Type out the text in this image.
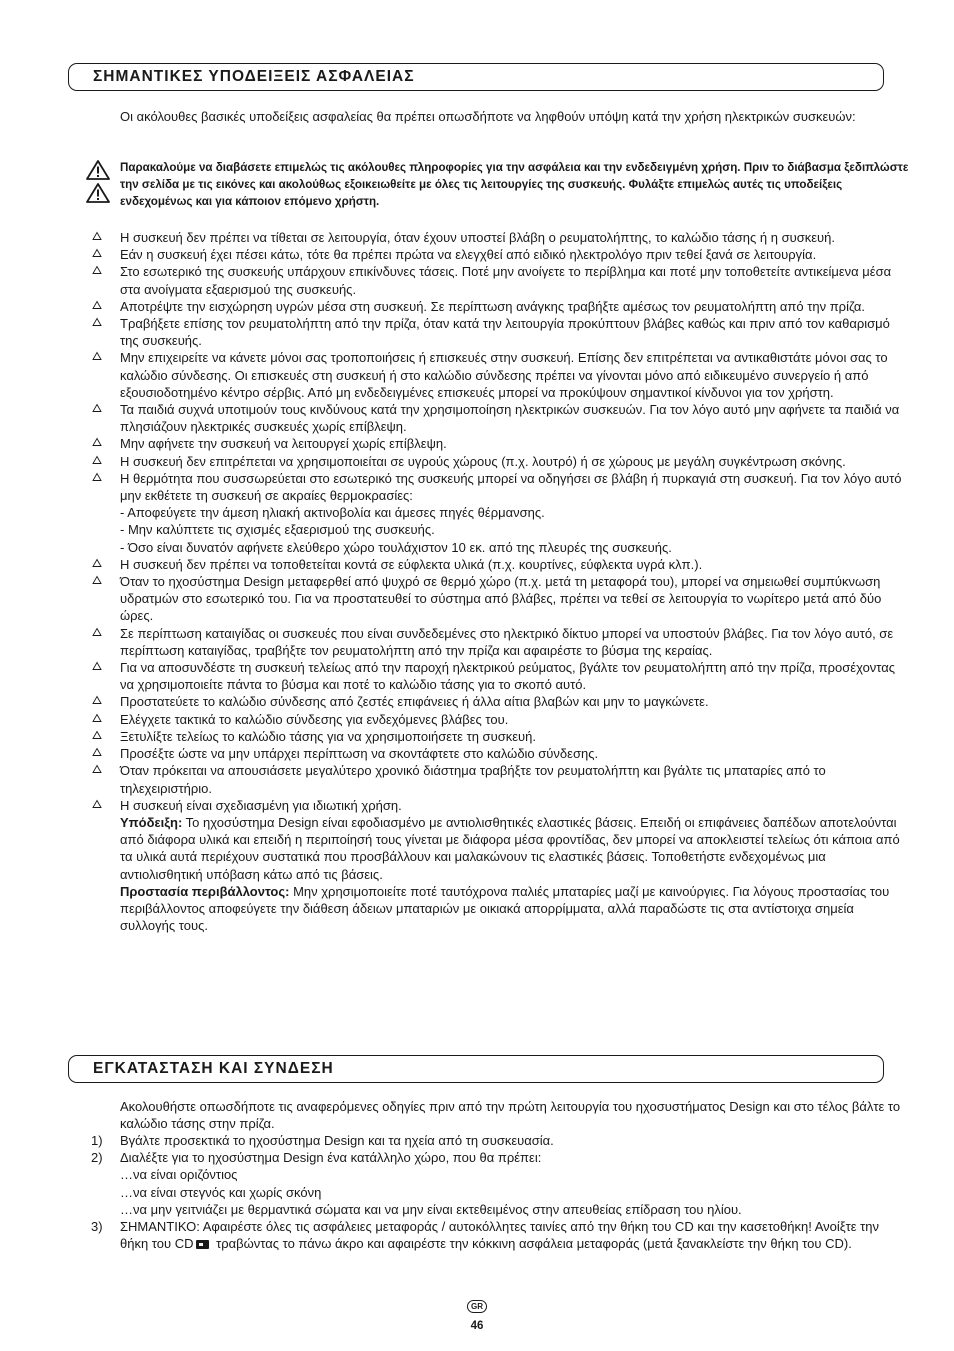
ΣΗΜΑΝΤΙΚΕΣ ΥΠΟΔΕΙΞΕΙΣ ΑΣΦΑΛΕΙΑΣ

Οι ακόλουθες βασικές υποδείξεις ασφαλείας θα πρέπει οπωσδήποτε να ληφθούν υπόψη κατά την χρήση ηλεκτρικών συσκευών:

Παρακαλούμε να διαβάσετε επιμελώς τις ακόλουθες πληροφορίες για την ασφάλεια και την ενδεδειγμένη χρήση. Πριν το διάβασμα ξεδιπλώστε την σελίδα με τις εικόνες και ακολούθως εξοικειωθείτε με όλες τις λειτουργίες της συσκευής. Φυλάξτε επιμελώς αυτές τις υποδείξεις ενδεχομένως και για κάποιον επόμενο χρήστη.

Η συσκευή δεν πρέπει να τίθεται σε λειτουργία, όταν έχουν υποστεί βλάβη ο ρευματολήπτης, το καλώδιο τάσης ή η συσκευή.

Εάν η συσκευή έχει πέσει κάτω, τότε θα πρέπει πρώτα να ελεγχθεί από ειδικό ηλεκτρολόγο πριν τεθεί ξανά σε λειτουργία.

Στο εσωτερικό της συσκευής υπάρχουν επικίνδυνες τάσεις. Ποτέ μην ανοίγετε το περίβλημα και ποτέ μην τοποθετείτε αντικείμενα μέσα στα ανοίγματα εξαερισμού της συσκευής.

Αποτρέψτε την εισχώρηση υγρών μέσα στη συσκευή. Σε περίπτωση ανάγκης τραβήξτε αμέσως τον ρευματολήπτη από την πρίζα.

Τραβήξετε επίσης τον ρευματολήπτη από την πρίζα, όταν κατά την λειτουργία προκύπτουν βλάβες καθώς και πριν από τον καθαρισμό της συσκευής.

Μην επιχειρείτε να κάνετε μόνοι σας τροποποιήσεις ή επισκευές στην συσκευή. Επίσης δεν επιτρέπεται να αντικαθιστάτε μόνοι σας το καλώδιο σύνδεσης. Οι επισκευές στη συσκευή ή στο καλώδιο σύνδεσης πρέπει να γίνονται μόνο από ειδικευμένο συνεργείο ή από εξουσιοδοτημένο κέντρο σέρβις. Από μη ενδεδειγμένες επισκευές μπορεί να προκύψουν σημαντικοί κίνδυνοι για τον χρήστη.

Τα παιδιά συχνά υποτιμούν τους κινδύνους κατά την χρησιμοποίηση ηλεκτρικών συσκευών. Για τον λόγο αυτό μην αφήνετε τα παιδιά να πλησιάζουν ηλεκτρικές συσκευές χωρίς επίβλεψη.

Μην αφήνετε την συσκευή να λειτουργεί χωρίς επίβλεψη.

Η συσκευή δεν επιτρέπεται να χρησιμοποιείται σε υγρούς χώρους (π.χ. λουτρό) ή σε χώρους με μεγάλη συγκέντρωση σκόνης.

Η θερμότητα που συσσωρεύεται στο εσωτερικό της συσκευής μπορεί να οδηγήσει σε βλάβη ή πυρκαγιά στη συσκευή. Για τον λόγο αυτό μην εκθέτετε τη συσκευή σε ακραίες θερμοκρασίες:

- Αποφεύγετε την άμεση ηλιακή ακτινοβολία και άμεσες πηγές θέρμανσης.

- Μην καλύπτετε τις σχισμές εξαερισμού της συσκευής.

- Όσο είναι δυνατόν αφήνετε ελεύθερο χώρο τουλάχιστον 10 εκ. από της πλευρές της συσκευής.

Η συσκευή δεν πρέπει να τοποθετείται κοντά σε εύφλεκτα υλικά (π.χ. κουρτίνες, εύφλεκτα υγρά κλπ.).

Όταν το ηχοσύστημα Design μεταφερθεί από ψυχρό σε θερμό χώρο (π.χ. μετά τη μεταφορά του), μπορεί να σημειωθεί συμπύκνωση υδρατμών στο εσωτερικό του. Για να προστατευθεί το σύστημα από βλάβες, πρέπει να τεθεί σε λειτουργία το νωρίτερο μετά από δύο ώρες.

Σε περίπτωση καταιγίδας οι συσκευές που είναι συνδεδεμένες στο ηλεκτρικό δίκτυο μπορεί να υποστούν βλάβες. Για τον λόγο αυτό, σε περίπτωση καταιγίδας, τραβήξτε τον ρευματολήπτη από την πρίζα και αφαιρέστε το βύσμα της κεραίας.

Για να αποσυνδέστε τη συσκευή τελείως από την παροχή ηλεκτρικού ρεύματος, βγάλτε τον ρευματολήπτη από την πρίζα, προσέχοντας να χρησιμοποιείτε πάντα το βύσμα και ποτέ το καλώδιο τάσης για το σκοπό αυτό.

Προστατεύετε το καλώδιο σύνδεσης από ζεστές επιφάνειες ή άλλα αίτια βλαβών και μην το μαγκώνετε.

Ελέγχετε τακτικά το καλώδιο σύνδεσης για ενδεχόμενες βλάβες του.

Ξετυλίξτε τελείως το καλώδιο τάσης για να χρησιμοποιήσετε τη συσκευή.

Προσέξτε ώστε να μην υπάρχει περίπτωση να σκοντάφτετε στο καλώδιο σύνδεσης.

Όταν πρόκειται να απουσιάσετε μεγαλύτερο χρονικό διάστημα τραβήξτε τον ρευματολήπτη και βγάλτε τις μπαταρίες από το τηλεχειριστήριο.

Η συσκευή είναι σχεδιασμένη για ιδιωτική χρήση.

Υπόδειξη: Το ηχοσύστημα Design είναι εφοδιασμένο με αντιολισθητικές ελαστικές βάσεις. Επειδή οι επιφάνειες δαπέδων αποτελούνται από διάφορα υλικά και επειδή η περιποίησή τους γίνεται με διάφορα μέσα φροντίδας, δεν μπορεί να αποκλειστεί τελείως ότι κάποια από τα υλικά αυτά περιέχουν συστατικά που προσβάλλουν και μαλακώνουν τις ελαστικές βάσεις. Τοποθετήστε ενδεχομένως μια αντιολισθητική υπόβαση κάτω από τις βάσεις.

Προστασία περιβάλλοντος: Μην χρησιμοποιείτε ποτέ ταυτόχρονα παλιές μπαταρίες μαζί με καινούργιες. Για λόγους προστασίας του περιβάλλοντος αποφεύγετε την διάθεση άδειων μπαταριών με οικιακά απορρίμματα, αλλά παραδώστε τις στα αντίστοιχα σημεία συλλογής τους.

ΕΓΚΑΤΑΣΤΑΣΗ ΚΑΙ ΣΥΝΔΕΣΗ

Ακολουθήστε οπωσδήποτε τις αναφερόμενες οδηγίες πριν από την πρώτη λειτουργία του ηχοσυστήματος Design και στο τέλος βάλτε το καλώδιο τάσης στην πρίζα.

1) Βγάλτε προσεκτικά το ηχοσύστημα Design και τα ηχεία από τη συσκευασία.

2) Διαλέξτε για το ηχοσύστημα Design ένα κατάλληλο χώρο, που θα πρέπει:

…να είναι οριζόντιος

…να είναι στεγνός και χωρίς σκόνη

…να μην γειτνιάζει με θερμαντικά σώματα και να μην είναι εκτεθειμένος στην απευθείας επίδραση του ηλίου.

3) ΣΗΜΑΝΤΙΚΟ: Αφαιρέστε όλες τις ασφάλειες μεταφοράς / αυτοκόλλητες ταινίες από την θήκη του CD και την κασετοθήκη! Ανοίξτε την θήκη του CD τραβώντας το πάνω άκρο και αφαιρέστε την κόκκινη ασφάλεια μεταφοράς (μετά ξανακλείστε την θήκη του CD).

GR
46
